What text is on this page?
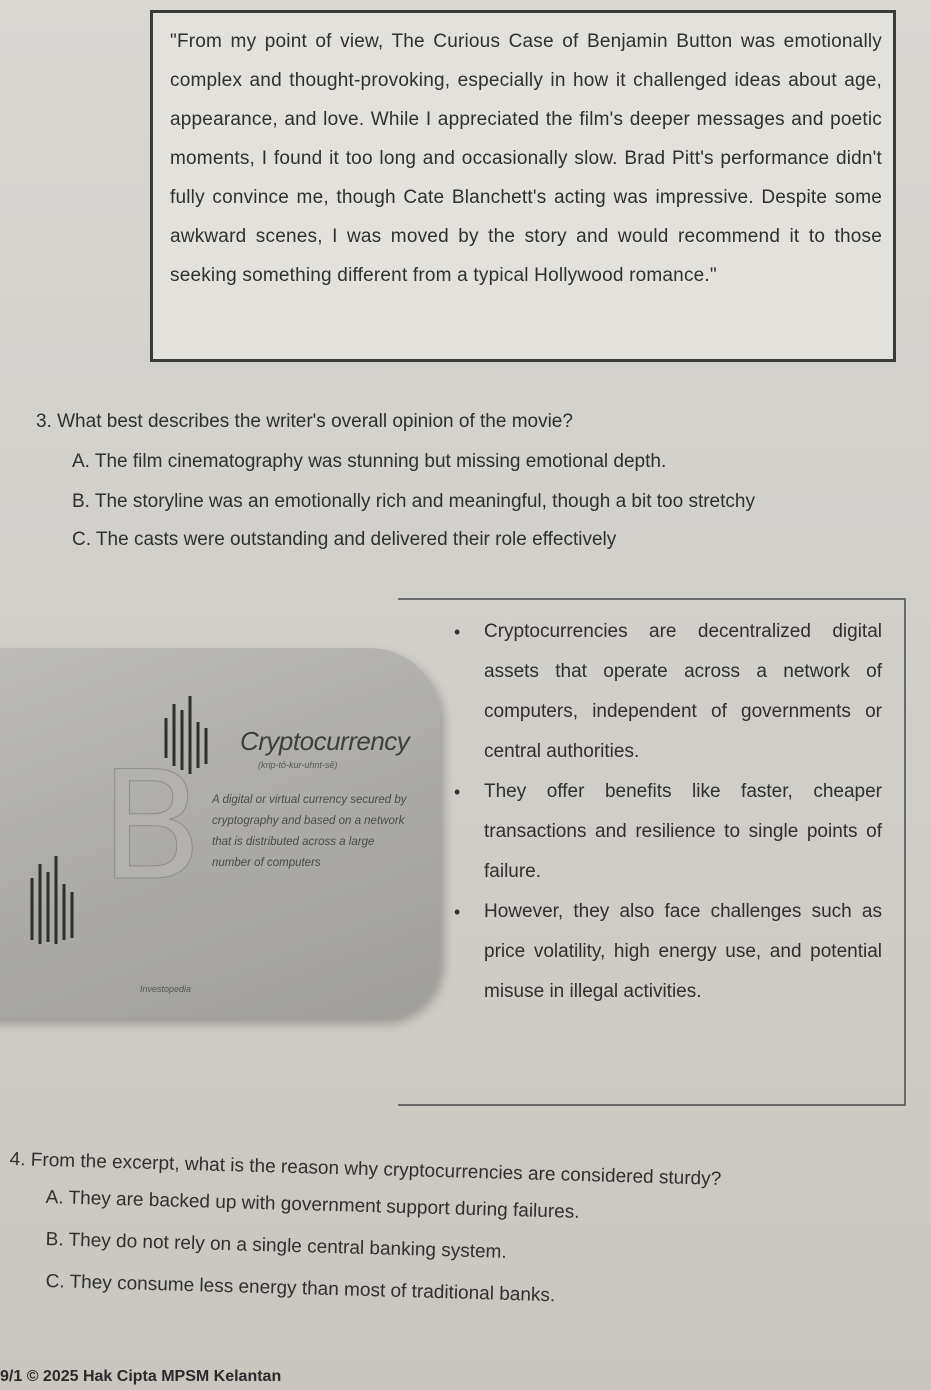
"From my point of view, The Curious Case of Benjamin Button was emotionally complex and thought-provoking, especially in how it challenged ideas about age, appearance, and love. While I appreciated the film's deeper messages and poetic moments, I found it too long and occasionally slow. Brad Pitt's performance didn't fully convince me, though Cate Blanchett's acting was impressive. Despite some awkward scenes, I was moved by the story and would recommend it to those seeking something different from a typical Hollywood romance."
3. What best describes the writer's overall opinion of the movie?
A. The film cinematography was stunning but missing emotional depth.
B. The storyline was an emotionally rich and meaningful, though a bit too stretchy
C. The casts were outstanding and delivered their role effectively
B Cryptocurrency
(krip-tō-kur-uhnt-sē)
A digital or virtual currency secured by cryptography and based on a network that is distributed across a large number of computers
Investopedia
• Cryptocurrencies are decentralized digital assets that operate across a network of computers, independent of governments or central authorities.
• They offer benefits like faster, cheaper transactions and resilience to single points of failure.
• However, they also face challenges such as price volatility, high energy use, and potential misuse in illegal activities.
4. From the excerpt, what is the reason why cryptocurrencies are considered sturdy?
A. They are backed up with government support during failures.
B. They do not rely on a single central banking system.
C. They consume less energy than most of traditional banks.
9/1 © 2025 Hak Cipta MPSM Kelantan
